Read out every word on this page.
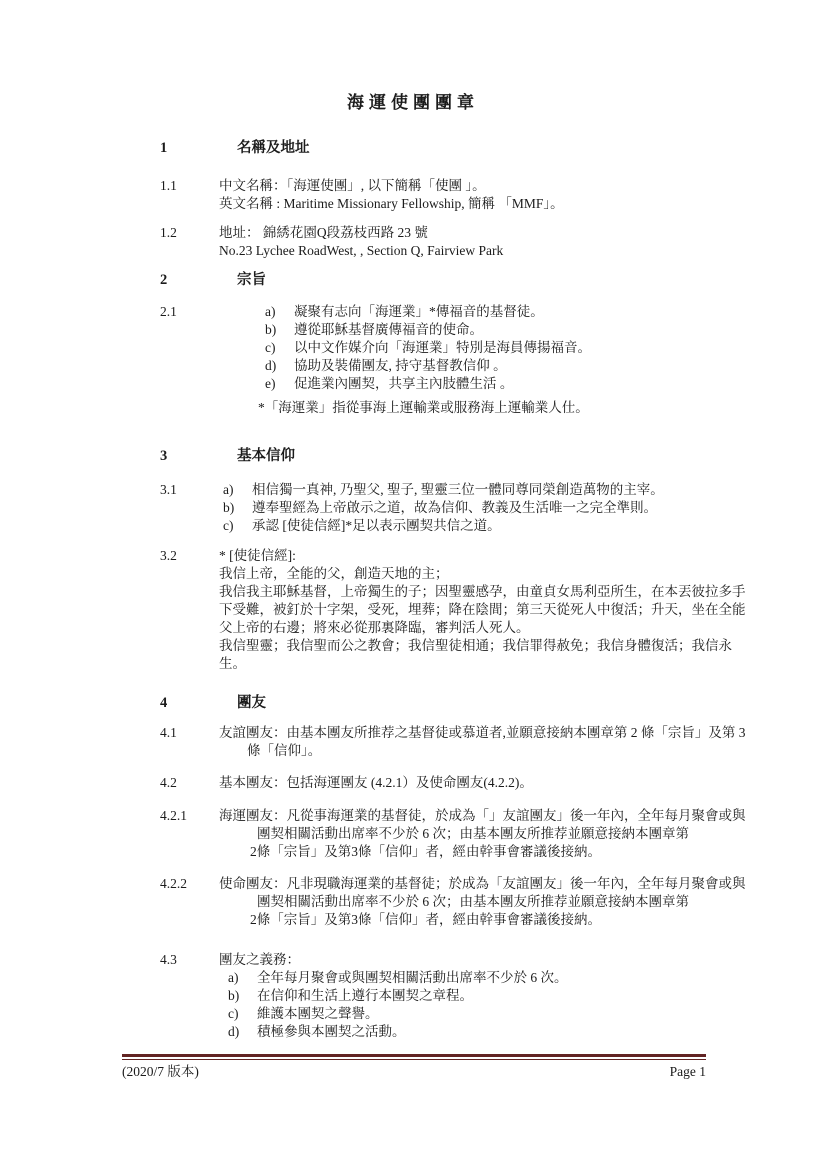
海運使團團章
1	名稱及地址
1.1	中文名稱：「海運使團」, 以下簡稱「使團 」。
英文名稱 : Maritime Missionary Fellowship, 簡稱 「MMF」。
1.2	地址： 錦綉花園Q段荔枝西路 23 號
No.23 Lychee RoadWest, , Section Q, Fairview Park
2	宗旨
2.1	a)	凝聚有志向「海運業」*傳福音的基督徒。
b)	遵從耶穌基督廣傳福音的使命。
c)	以中文作媒介向「海運業」特別是海員傳揚福音。
d)	協助及裝備團友, 持守基督教信仰 。
e)	促進業內團契，共享主內肢體生活 。
*「海運業」指從事海上運輸業或服務海上運輸業人仕。
3	基本信仰
3.1	a)	相信獨一真神, 乃聖父, 聖子, 聖靈三位一體同尊同榮創造萬物的主宰。
b)	遵奉聖經為上帝啟示之道，故為信仰、教義及生活唯一之完全準則。
c)	承認 [使徒信經]*足以表示團契共信之道。
3.2	* [使徒信經]:
我信上帝，全能的父，創造天地的主；
我信我主耶穌基督，上帝獨生的子；因聖靈感孕，由童貞女馬利亞所生，在本丟彼拉多手
下受難，被釘於十字架，受死，埋葬；降在陰間；第三天從死人中復活；升天，坐在全能
父上帝的右邊；將來必從那裏降臨，審判活人死人。
我信聖靈；我信聖而公之教會；我信聖徒相通；我信罪得赦免；我信身體復活；我信永
生。
4	團友
4.1	友誼團友：由基本團友所推荐之基督徒或慕道者,並願意接納本團章第 2 條「宗旨」及第 3
條「信仰」。
4.2	基本團友：包括海運團友 (4.2.1）及使命團友(4.2.2)。
4.2.1 海運團友：凡從事海運業的基督徒，於成為「」友誼團友」後一年內，全年每月聚會或與
團契相關活動出席率不少於 6 次；由基本團友所推荐並願意接納本團章第
2條「宗旨」及第3條「信仰」者，經由幹事會審議後接納。
4.2.2 使命團友：凡非現職海運業的基督徒；於成為「友誼團友」後一年內，全年每月聚會或與
團契相關活動出席率不少於 6 次；由基本團友所推荐並願意接納本團章第
2條「宗旨」及第3條「信仰」者，經由幹事會審議後接納。
4.3	團友之義務：
a)	全年每月聚會或與團契相關活動出席率不少於 6 次。
b)	在信仰和生活上遵行本團契之章程。
c)	維護本團契之聲譽。
d)	積極參與本團契之活動。
(2020/7 版本)	Page 1
